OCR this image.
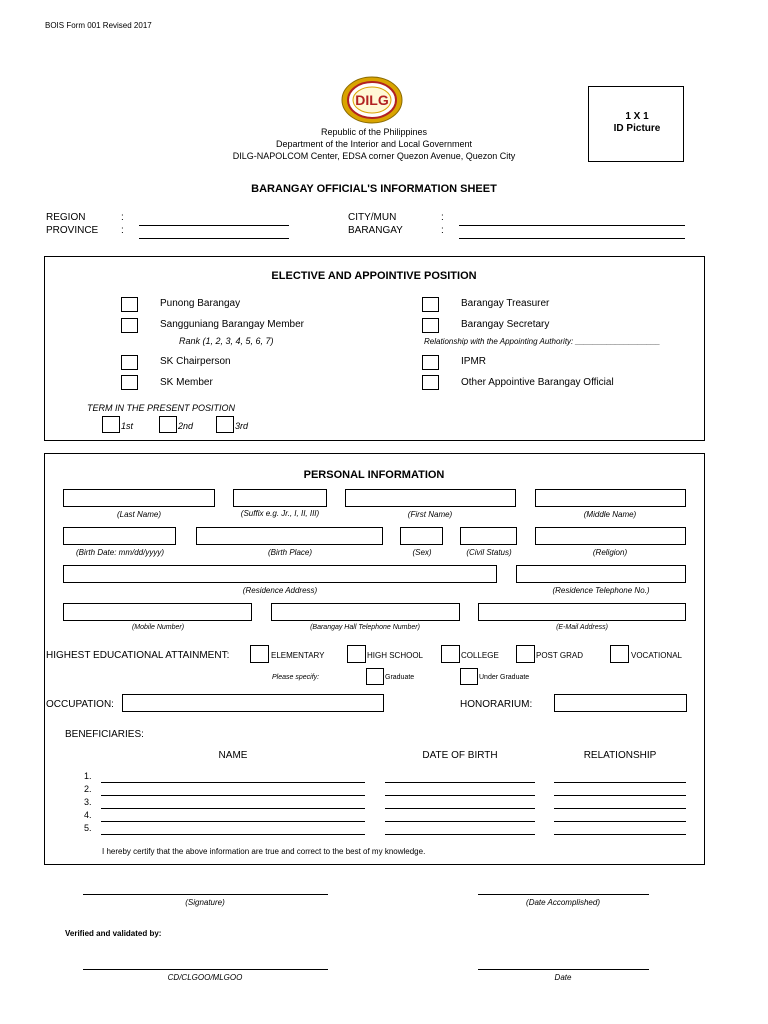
BOIS Form 001 Revised 2017
DILG
Republic of the Philippines
Department of the Interior and Local Government
DILG-NAPOLCOM Center, EDSA corner Quezon Avenue, Quezon City
1 X 1
ID Picture
BARANGAY OFFICIAL'S INFORMATION SHEET
REGION	:
PROVINCE :
CITY/MUN	:
BARANGAY	:
ELECTIVE AND APPOINTIVE POSITION
Punong Barangay
Sangguniang Barangay Member
Rank (1, 2, 3, 4, 5, 6, 7)
SK Chairperson
SK Member
Barangay Treasurer
Barangay Secretary
Relationship with the Appointing Authority: ___________________
IPMR
Other Appointive Barangay Official
TERM IN THE PRESENT POSITION
1st	2nd	3rd
PERSONAL INFORMATION
(Last Name)	(Suffix e.g. Jr., I, II, III)	(First Name)	(Middle Name)
(Birth Date: mm/dd/yyyy)	(Birth Place)	(Sex)	(Civil Status)	(Religion)
(Residence Address)	(Residence Telephone No.)
(Mobile Number)	(Barangay Hall Telephone Number)	(E-Mail Address)
HIGHEST EDUCATIONAL ATTAINMENT:	ELEMENTARY	HIGH SCHOOL	COLLEGE	POST GRAD	VOCATIONAL
Please specify:	Graduate	Under Graduate
OCCUPATION:	HONORARIUM:
BENEFICIARIES:
NAME	DATE OF BIRTH	RELATIONSHIP
1.
2.
3.
4.
5.
I hereby certify that the above information are true and correct to the best of my knowledge.
(Signature)	(Date Accomplished)
Verified and validated by:
CD/CLGOO/MLGOO	Date
